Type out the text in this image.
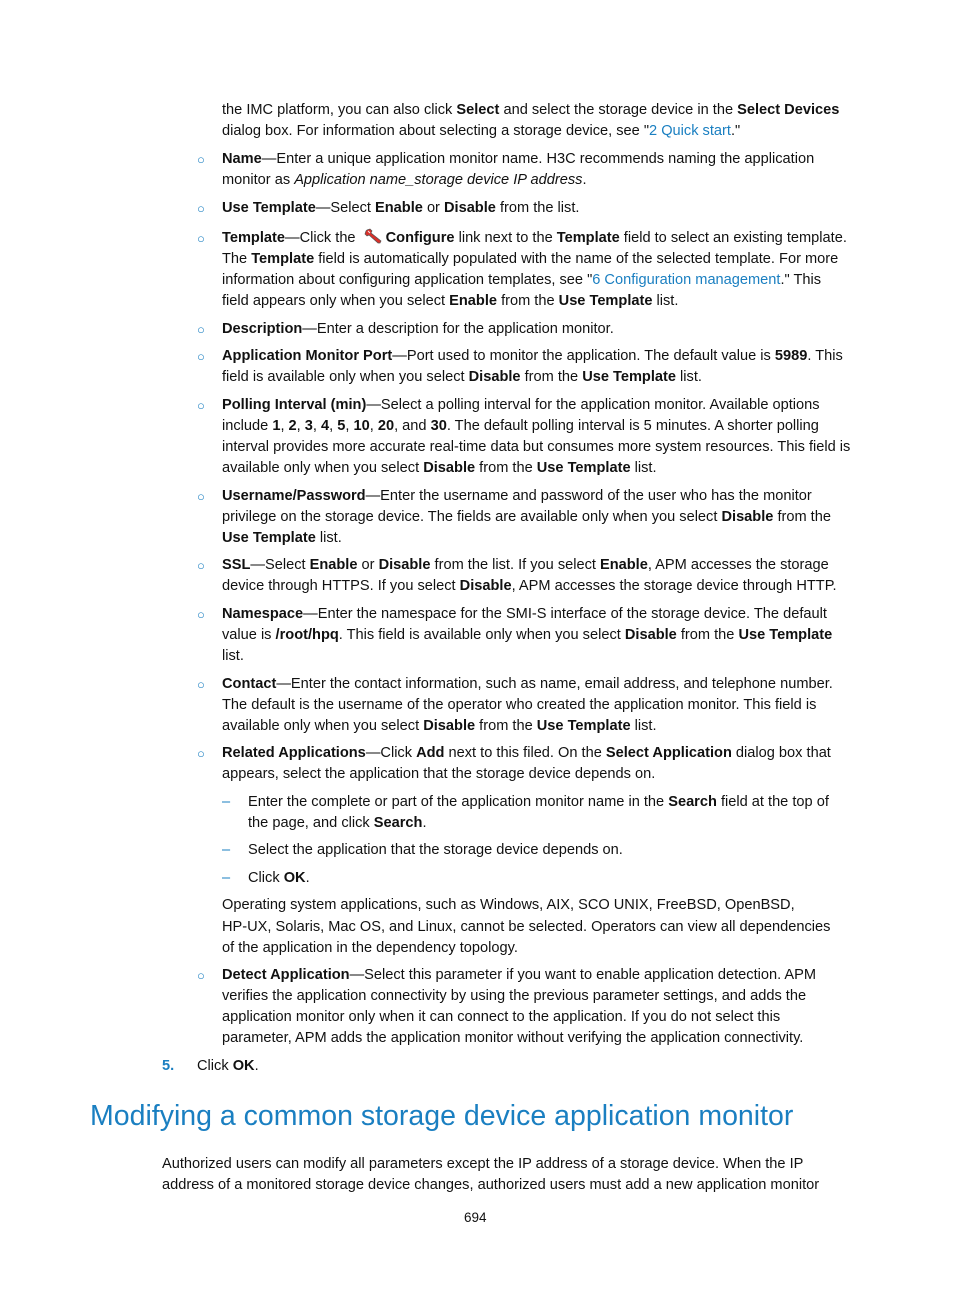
the IMC platform, you can also click Select and select the storage device in the Select Devices
dialog box. For information about selecting a storage device, see "2 Quick start."
○ Name—Enter a unique application monitor name. H3C recommends naming the application
monitor as Application name_storage device IP address.
○ Use Template—Select Enable or Disable from the list.
○ Template—Click the Configure link next to the Template field to select an existing template.
The Template field is automatically populated with the name of the selected template. For more
information about configuring application templates, see "6 Configuration management." This
field appears only when you select Enable from the Use Template list.
○ Description—Enter a description for the application monitor.
○ Application Monitor Port—Port used to monitor the application. The default value is 5989. This
field is available only when you select Disable from the Use Template list.
○ Polling Interval (min)—Select a polling interval for the application monitor. Available options
include 1, 2, 3, 4, 5, 10, 20, and 30. The default polling interval is 5 minutes. A shorter polling
interval provides more accurate real-time data but consumes more system resources. This field is
available only when you select Disable from the Use Template list.
○ Username/Password—Enter the username and password of the user who has the monitor
privilege on the storage device. The fields are available only when you select Disable from the
Use Template list.
○ SSL—Select Enable or Disable from the list. If you select Enable, APM accesses the storage
device through HTTPS. If you select Disable, APM accesses the storage device through HTTP.
○ Namespace—Enter the namespace for the SMI-S interface of the storage device. The default
value is /root/hpq. This field is available only when you select Disable from the Use Template
list.
○ Contact—Enter the contact information, such as name, email address, and telephone number.
The default is the username of the operator who created the application monitor. This field is
available only when you select Disable from the Use Template list.
○ Related Applications—Click Add next to this filed. On the Select Application dialog box that
appears, select the application that the storage device depends on.
– Enter the complete or part of the application monitor name in the Search field at the top of
the page, and click Search.
– Select the application that the storage device depends on.
– Click OK.
Operating system applications, such as Windows, AIX, SCO UNIX, FreeBSD, OpenBSD,
HP-UX, Solaris, Mac OS, and Linux, cannot be selected. Operators can view all dependencies
of the application in the dependency topology.
○ Detect Application—Select this parameter if you want to enable application detection. APM
verifies the application connectivity by using the previous parameter settings, and adds the
application monitor only when it can connect to the application. If you do not select this
parameter, APM adds the application monitor without verifying the application connectivity.
5. Click OK.
Modifying a common storage device application monitor
Authorized users can modify all parameters except the IP address of a storage device. When the IP
address of a monitored storage device changes, authorized users must add a new application monitor
694
